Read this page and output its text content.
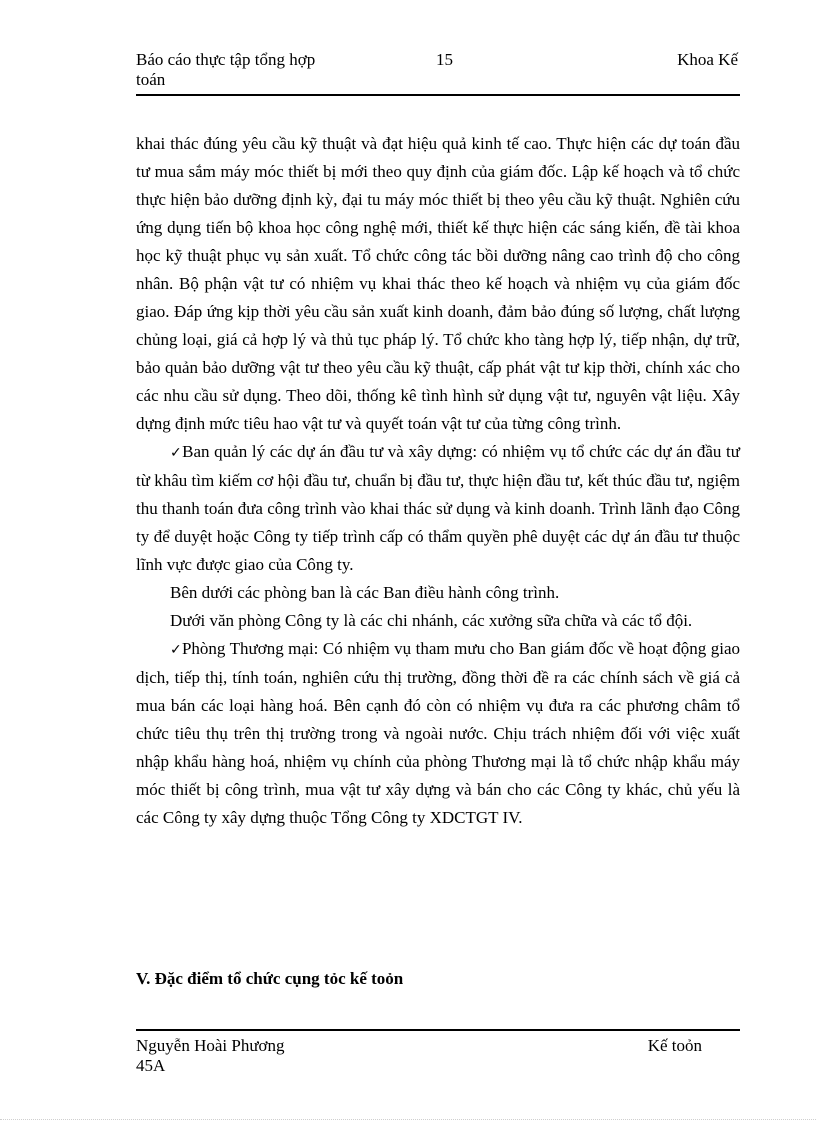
Báo cáo thực tập tổng hợp
toán
15	Khoa Kế

khai thác đúng yêu cầu kỹ thuật và đạt hiệu quả kinh tế cao. Thực hiện các dự toán đầu tư mua sắm máy móc thiết bị mới theo quy định của giám đốc. Lập kế hoạch và tổ chức thực hiện bảo dưỡng định kỳ, đại tu máy móc thiết bị theo yêu cầu kỹ thuật. Nghiên cứu ứng dụng tiến bộ khoa học công nghệ mới, thiết kế thực hiện các sáng kiến, đề tài khoa học kỹ thuật phục vụ sản xuất. Tổ chức công tác bồi dưỡng nâng cao trình độ cho công nhân. Bộ phận vật tư có nhiệm vụ khai thác theo kế hoạch và nhiệm vụ của giám đốc giao. Đáp ứng kịp thời yêu cầu sản xuất kinh doanh, đảm bảo đúng số lượng, chất lượng chủng loại, giá cả hợp lý và thủ tục pháp lý. Tổ chức kho tàng hợp lý, tiếp nhận, dự trữ, bảo quản bảo dưỡng vật tư theo yêu cầu kỹ thuật, cấp phát vật tư kịp thời, chính xác cho các nhu cầu sử dụng. Theo dõi, thống kê tình hình sử dụng vật tư, nguyên vật liệu. Xây dựng định mức tiêu hao vật tư và quyết toán vật tư của từng công trình.

✓Ban quản lý các dự án đầu tư và xây dựng: có nhiệm vụ tổ chức các dự án đầu tư từ khâu tìm kiếm cơ hội đầu tư, chuẩn bị đầu tư, thực hiện đầu tư, kết thúc đầu tư, ngiệm thu thanh toán đưa công trình vào khai thác sử dụng và kinh doanh. Trình lãnh đạo Công ty để duyệt hoặc Công ty tiếp trình cấp có thẩm quyền phê duyệt các dự án đầu tư thuộc lĩnh vực được giao của Công ty.

Bên dưới các phòng ban là các Ban điều hành công trình.

Dưới văn phòng Công ty là các chi nhánh, các xưởng sữa chữa và các tổ đội.

✓Phòng Thương mại: Có nhiệm vụ tham mưu cho Ban giám đốc về hoạt động giao dịch, tiếp thị, tính toán, nghiên cứu thị trường, đồng thời đề ra các chính sách về giá cả mua bán các loại hàng hoá. Bên cạnh đó còn có nhiệm vụ đưa ra các phương châm tổ chức tiêu thụ trên thị trường trong và ngoài nước. Chịu trách nhiệm đối với việc xuất nhập khẩu hàng hoá, nhiệm vụ chính của phòng Thương mại là tổ chức nhập khẩu máy móc thiết bị công trình, mua vật tư xây dựng và bán cho các Công ty khác, chủ yếu là các Công ty xây dựng thuộc Tổng Công ty XDCTGT IV.

V. Đặc điểm tổ chức cụng tỏc kế toỏn
Nguyễn Hoài Phương
45A
Kế toỏn
